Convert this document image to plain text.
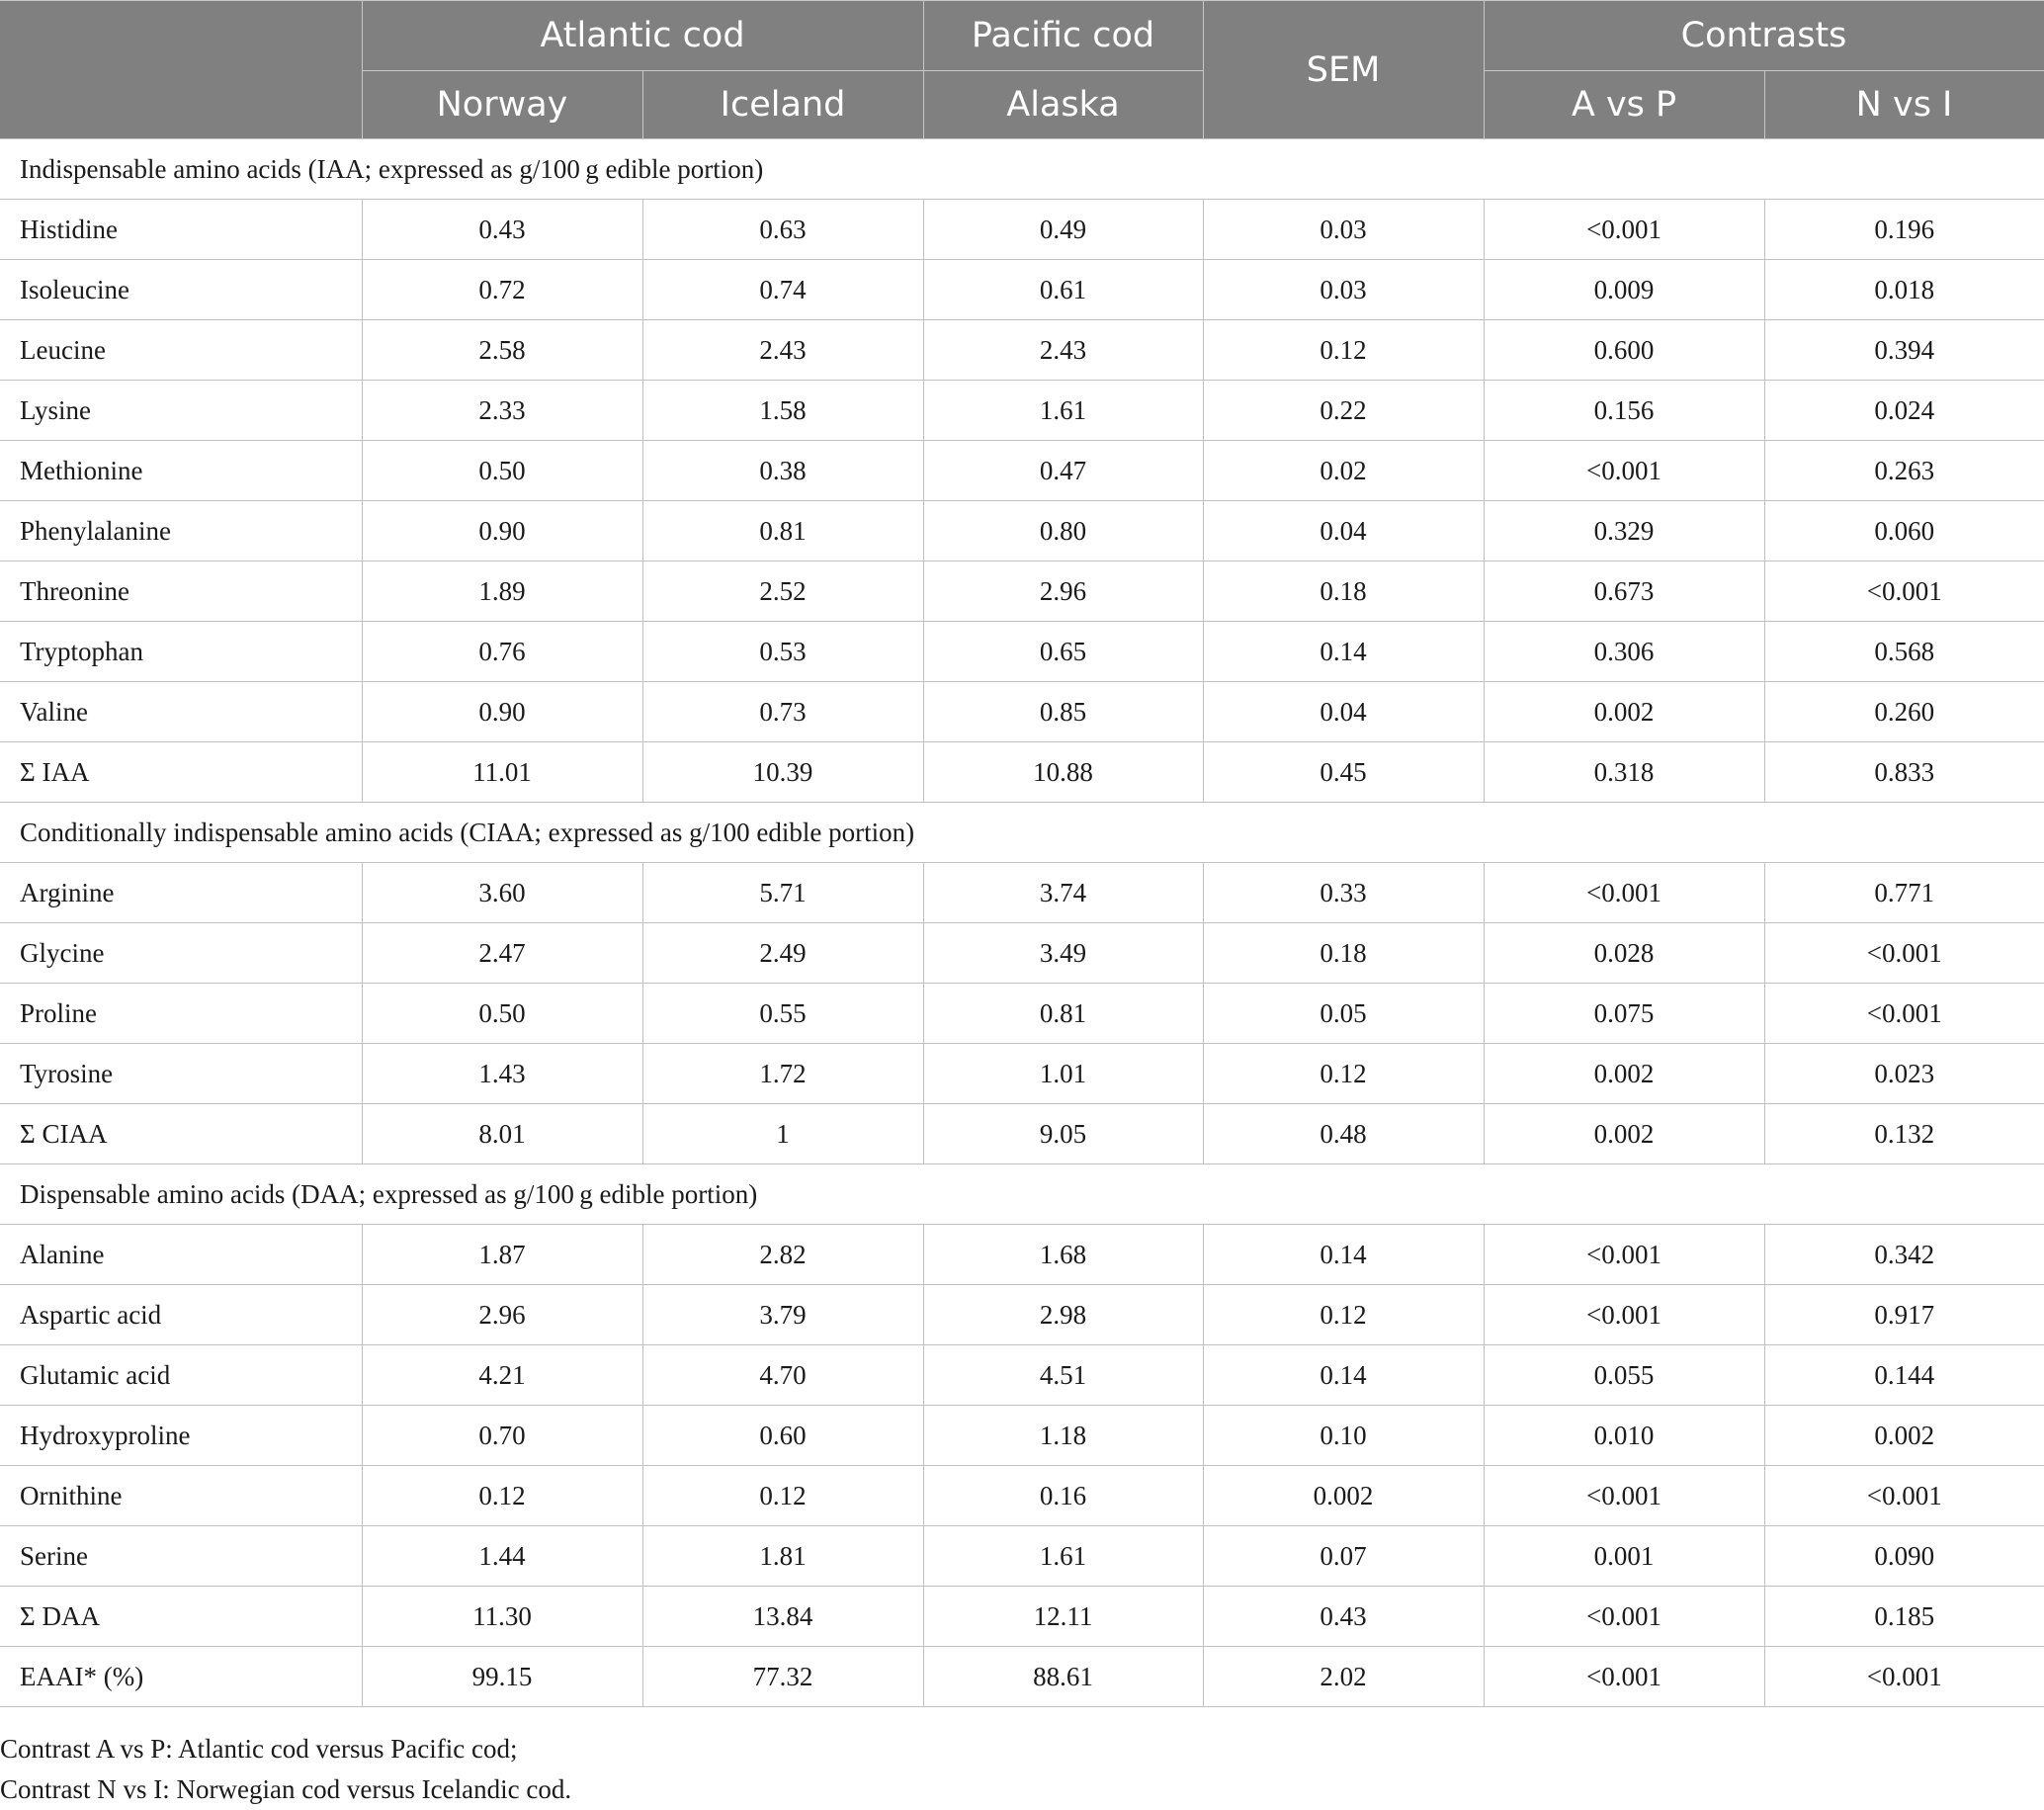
	Atlantic cod		Pacific cod	SEM	Contrasts	
	Norway	Iceland	Alaska		A vs P	N vs I
Indispensable amino acids (IAA; expressed as g/100 g edible portion)						
Histidine	0.43	0.63	0.49	0.03	<0.001	0.196
Isoleucine	0.72	0.74	0.61	0.03	0.009	0.018
Leucine	2.58	2.43	2.43	0.12	0.600	0.394
Lysine	2.33	1.58	1.61	0.22	0.156	0.024
Methionine	0.50	0.38	0.47	0.02	<0.001	0.263
Phenylalanine	0.90	0.81	0.80	0.04	0.329	0.060
Threonine	1.89	2.52	2.96	0.18	0.673	<0.001
Tryptophan	0.76	0.53	0.65	0.14	0.306	0.568
Valine	0.90	0.73	0.85	0.04	0.002	0.260
Σ IAA	11.01	10.39	10.88	0.45	0.318	0.833
Conditionally indispensable amino acids (CIAA; expressed as g/100 edible portion)						
Arginine	3.60	5.71	3.74	0.33	<0.001	0.771
Glycine	2.47	2.49	3.49	0.18	0.028	<0.001
Proline	0.50	0.55	0.81	0.05	0.075	<0.001
Tyrosine	1.43	1.72	1.01	0.12	0.002	0.023
Σ CIAA	8.01	1	9.05	0.48	0.002	0.132
Dispensable amino acids (DAA; expressed as g/100 g edible portion)						
Alanine	1.87	2.82	1.68	0.14	<0.001	0.342
Aspartic acid	2.96	3.79	2.98	0.12	<0.001	0.917
Glutamic acid	4.21	4.70	4.51	0.14	0.055	0.144
Hydroxyproline	0.70	0.60	1.18	0.10	0.010	0.002
Ornithine	0.12	0.12	0.16	0.002	<0.001	<0.001
Serine	1.44	1.81	1.61	0.07	0.001	0.090
Σ DAA	11.30	13.84	12.11	0.43	<0.001	0.185
EAAI* (%)	99.15	77.32	88.61	2.02	<0.001	<0.001
Contrast A vs P: Atlantic cod versus Pacific cod;
Contrast N vs I: Norwegian cod versus Icelandic cod.
